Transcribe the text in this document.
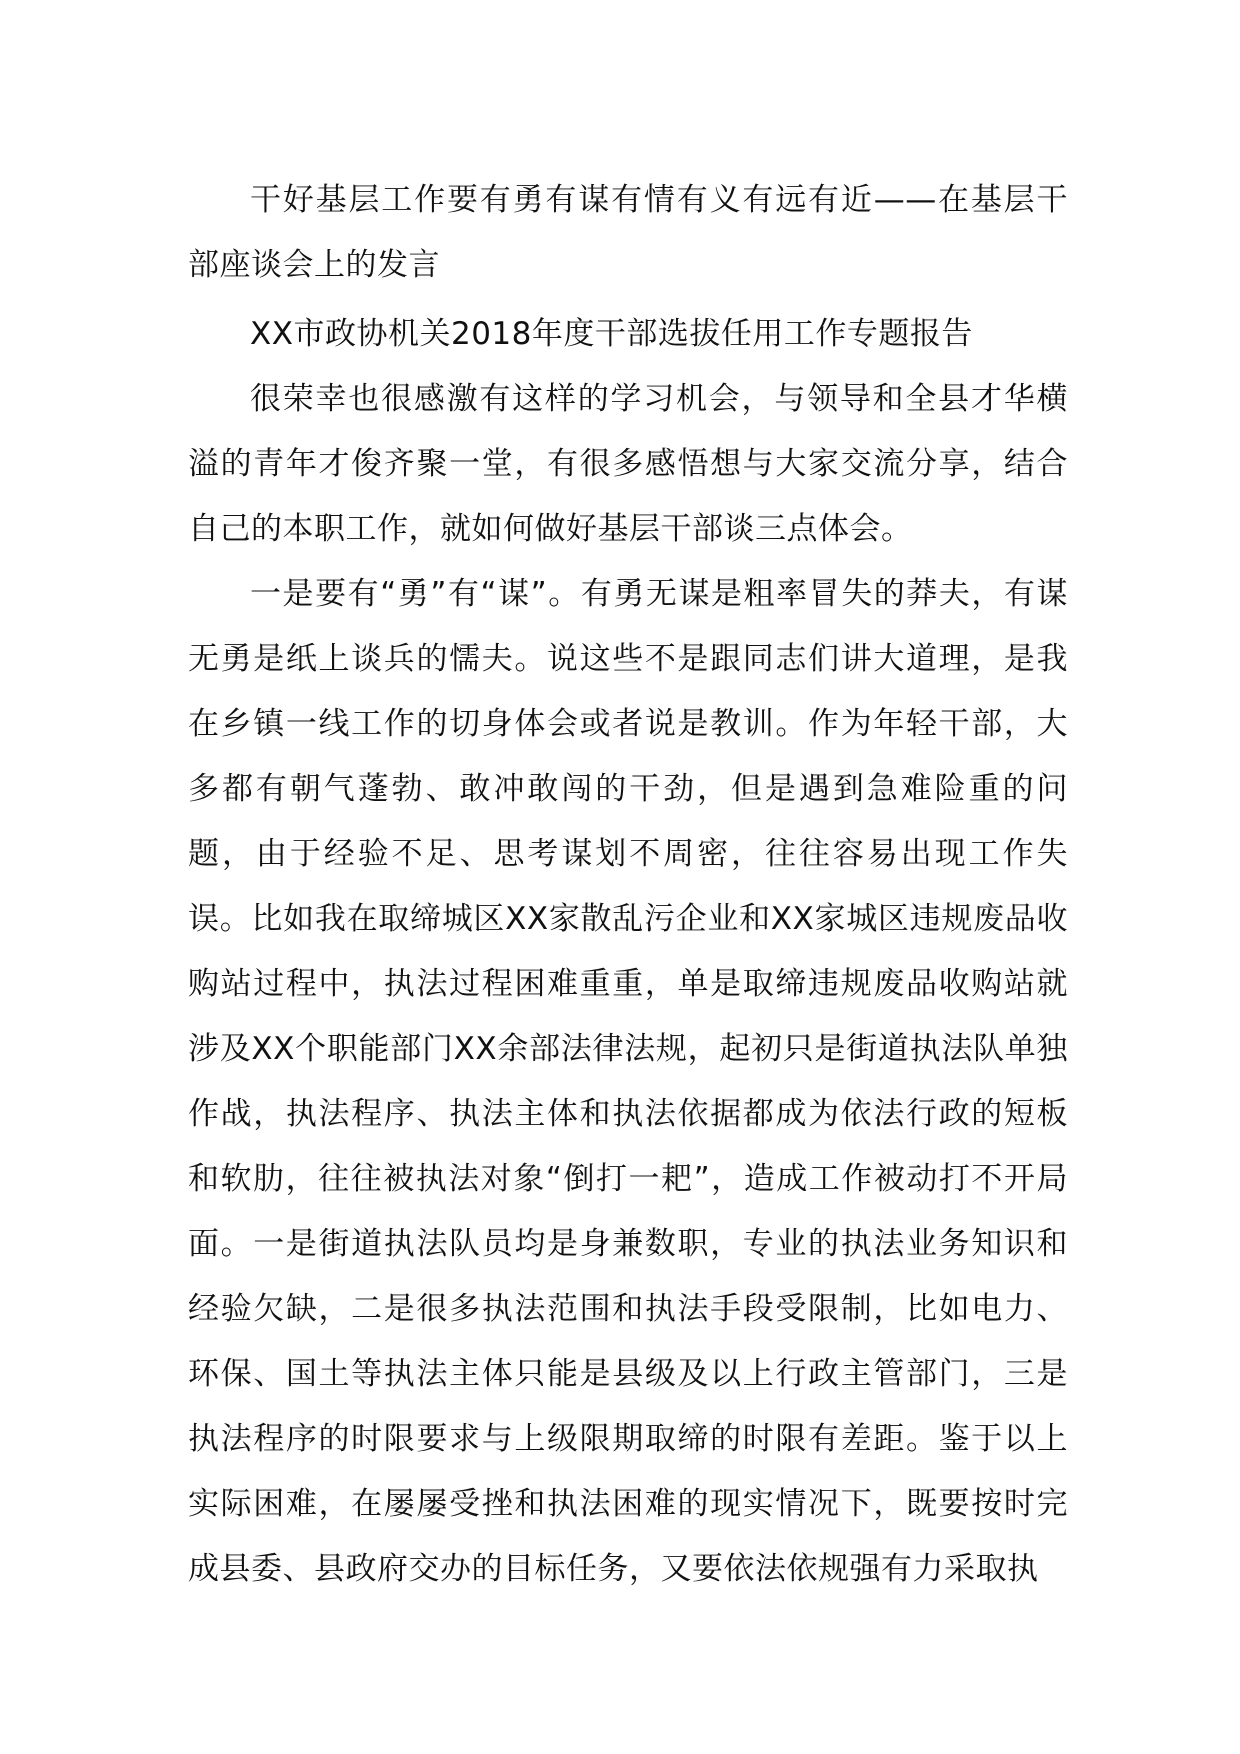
干好基层工作要有勇有谋有情有义有远有近——在基层干部座谈会上的发言

XX市政协机关2018年度干部选拔任用工作专题报告

很荣幸也很感激有这样的学习机会，与领导和全县才华横溢的青年才俊齐聚一堂，有很多感悟想与大家交流分享，结合自己的本职工作，就如何做好基层干部谈三点体会。

一是要有“勇”有“谋”。有勇无谋是粗率冒失的莽夫，有谋无勇是纸上谈兵的懦夫。说这些不是跟同志们讲大道理，是我在乡镇一线工作的切身体会或者说是教训。作为年轻干部，大多都有朝气蓬勃、敢冲敢闯的干劲，但是遇到急难险重的问题，由于经验不足、思考谋划不周密，往往容易出现工作失误。比如我在取缔城区XX家散乱污企业和XX家城区违规废品收购站过程中，执法过程困难重重，单是取缔违规废品收购站就涉及XX个职能部门XX余部法律法规，起初只是街道执法队单独作战，执法程序、执法主体和执法依据都成为依法行政的短板和软肋，往往被执法对象“倒打一耙”，造成工作被动打不开局面。一是街道执法队员均是身兼数职，专业的执法业务知识和经验欠缺，二是很多执法范围和执法手段受限制，比如电力、环保、国土等执法主体只能是县级及以上行政主管部门，三是执法程序的时限要求与上级限期取缔的时限有差距。鉴于以上实际困难，在屡屡受挫和执法困难的现实情况下，既要按时完成县委、县政府交办的目标任务，又要依法依规强有力采取执
